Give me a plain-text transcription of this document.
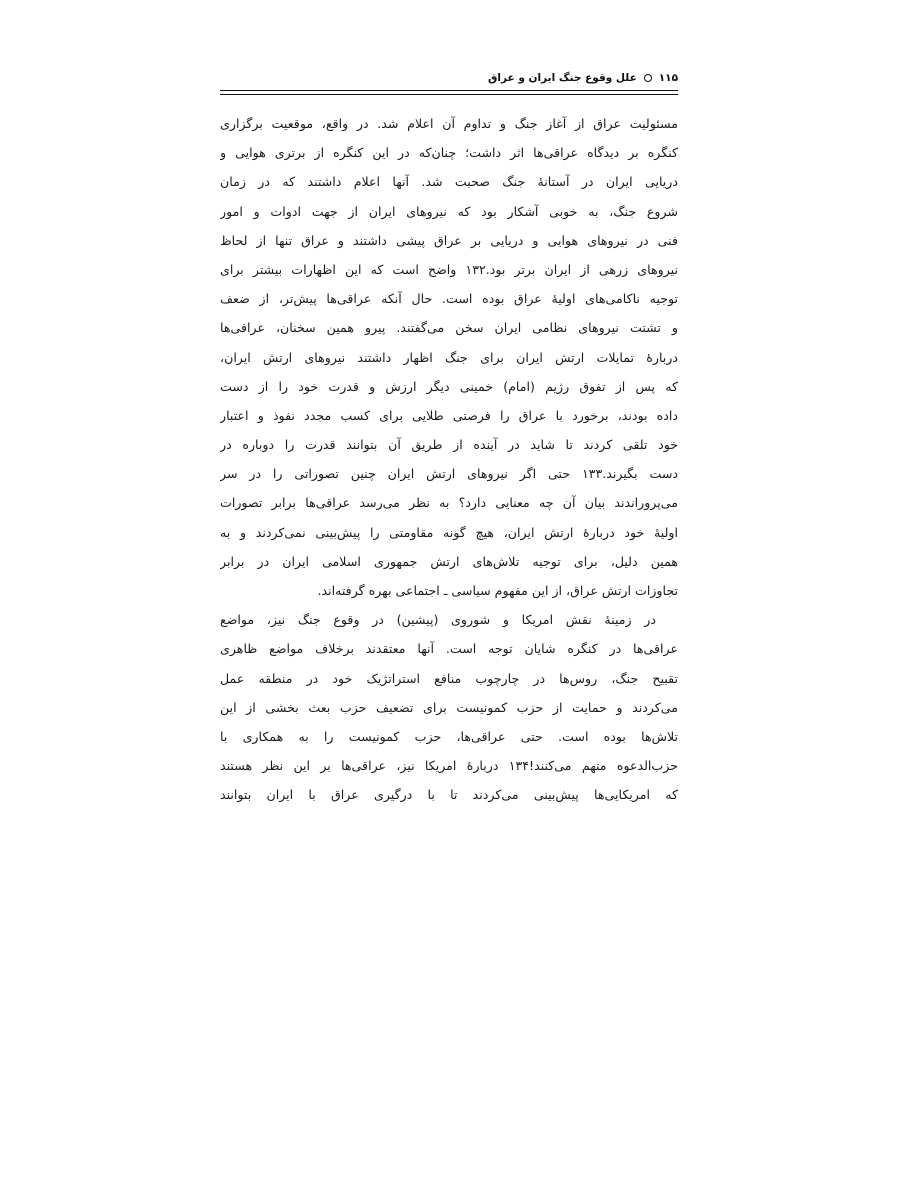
۱۱۵
علل وقوع جنگ ایران و عراق
مسئولیت عراق از آغاز جنگ و تداوم آن اعلام شد. در واقع، موقعیت برگزاری
کنگره بر دیدگاه عراقی‌ها اثر داشت؛ چنان‌که در این کنگره از برتری هوایی و
دریایی ایران در آستانهٔ جنگ صحبت شد. آنها اعلام داشتند که در زمان
شروع جنگ، به خوبی آشکار بود که نیروهای ایران از جهت ادوات و امور
فنی در نیروهای هوایی و دریایی بر عراق پیشی داشتند و عراق تنها از لحاظ
نیروهای زرهی از ایران برتر بود.۱۳۲ واضح است که این اظهارات بیشتر برای
توجیه ناکامی‌های اولیهٔ عراق بوده است. حال آنکه عراقی‌ها پیش‌تر، از ضعف
و تشتت نیروهای نظامی ایران سخن می‌گفتند. پیرو همین سخنان، عراقی‌ها
دربارهٔ تمایلات ارتش ایران برای جنگ اظهار داشتند نیروهای ارتش ایران،
که پس از تفوق رژیم (امام) خمینی دیگر ارزش و قدرت خود را از دست
داده بودند، برخورد با عراق را فرصتی طلایی برای کسب مجدد نفوذ و اعتبار
خود تلقی کردند تا شاید در آینده از طریق آن بتوانند قدرت را دوباره در
دست بگیرند.۱۳۳ حتی اگر نیروهای ارتش ایران چنین تصوراتی را در سر
می‌پروراندند بیان آن چه معنایی دارد؟ به نظر می‌رسد عراقی‌ها برابر تصورات
اولیهٔ خود دربارهٔ ارتش ایران، هیچ گونه مقاومتی را پیش‌بینی نمی‌کردند و به
همین دلیل، برای توجیه تلاش‌های ارتش جمهوری اسلامی ایران در برابر
تجاوزات ارتش عراق، از این مفهوم سیاسی ـ اجتماعی بهره گرفته‌اند.
در زمینهٔ نقش امریکا و شوروی (پیشین) در وقوع جنگ نیز، مواضع
عراقی‌ها در کنگره شایان توجه است. آنها معتقدند برخلاف مواضع ظاهری
تقبیح جنگ، روس‌ها در چارچوب منافع استراتژیک خود در منطقه عمل
می‌کردند و حمایت از حزب کمونیست برای تضعیف حزب بعث بخشی از این
تلاش‌ها بوده است. حتی عراقی‌ها، حزب کمونیست را به همکاری با
حزب‌الدعوه متهم می‌کنند!۱۳۴ دربارهٔ امریکا نیز، عراقی‌ها بر این نظر هستند
که امریکایی‌ها پیش‌بینی می‌کردند تا با درگیری عراق با ایران بتوانند
